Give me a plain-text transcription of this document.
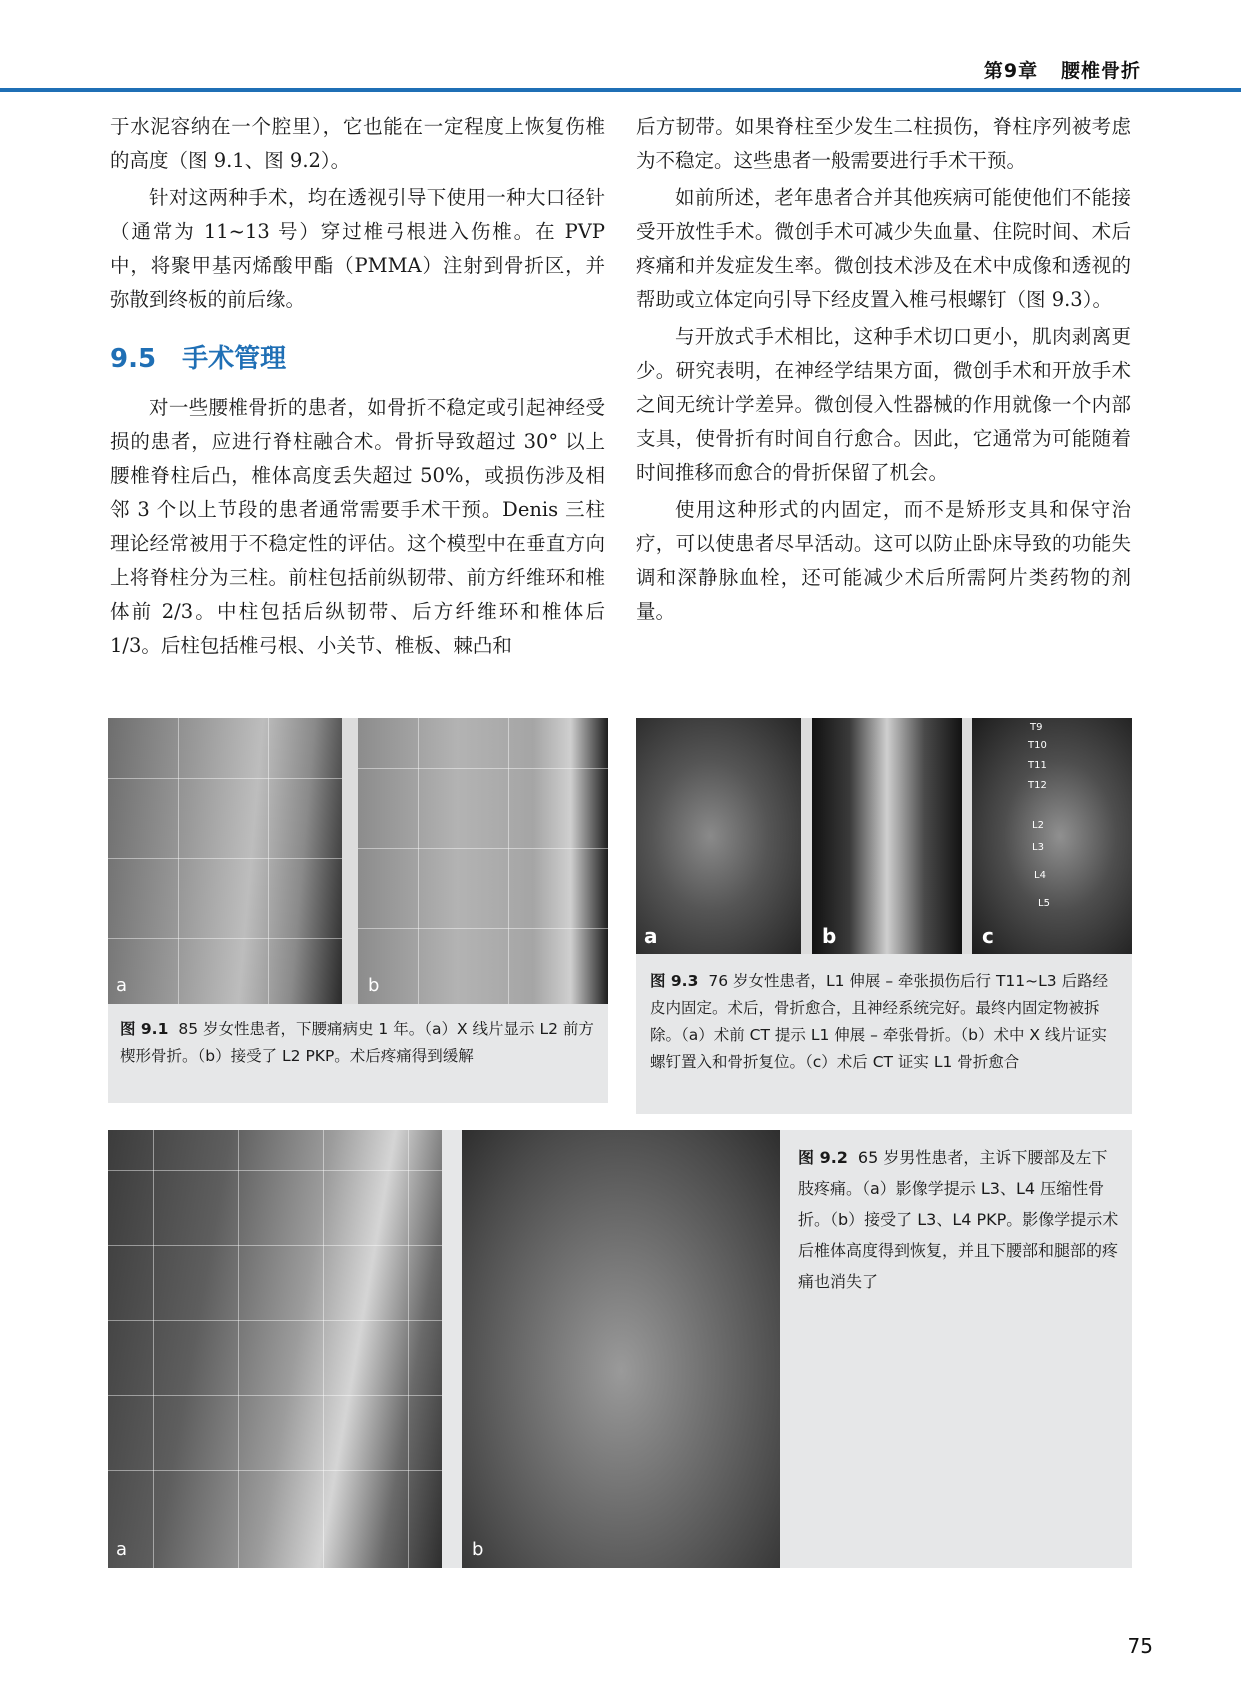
第9章 腰椎骨折

于水泥容纳在一个腔里），它也能在一定程度上恢复伤椎的高度（图 9.1、图 9.2）。

针对这两种手术，均在透视引导下使用一种大口径针（通常为 11~13 号）穿过椎弓根进入伤椎。在 PVP 中，将聚甲基丙烯酸甲酯（PMMA）注射到骨折区，并弥散到终板的前后缘。

9.5 手术管理

对一些腰椎骨折的患者，如骨折不稳定或引起神经受损的患者，应进行脊柱融合术。骨折导致超过 30° 以上腰椎脊柱后凸，椎体高度丢失超过 50%，或损伤涉及相邻 3 个以上节段的患者通常需要手术干预。Denis 三柱理论经常被用于不稳定性的评估。这个模型中在垂直方向上将脊柱分为三柱。前柱包括前纵韧带、前方纤维环和椎体前 2/3。中柱包括后纵韧带、后方纤维环和椎体后 1/3。后柱包括椎弓根、小关节、椎板、棘凸和

后方韧带。如果脊柱至少发生二柱损伤，脊柱序列被考虑为不稳定。这些患者一般需要进行手术干预。

如前所述，老年患者合并其他疾病可能使他们不能接受开放性手术。微创手术可减少失血量、住院时间、术后疼痛和并发症发生率。微创技术涉及在术中成像和透视的帮助或立体定向引导下经皮置入椎弓根螺钉（图 9.3）。

与开放式手术相比，这种手术切口更小，肌肉剥离更少。研究表明，在神经学结果方面，微创手术和开放手术之间无统计学差异。微创侵入性器械的作用就像一个内部支具，使骨折有时间自行愈合。因此，它通常为可能随着时间推移而愈合的骨折保留了机会。

使用这种形式的内固定，而不是矫形支具和保守治疗，可以使患者尽早活动。这可以防止卧床导致的功能失调和深静脉血栓，还可能减少术后所需阿片类药物的剂量。

a	b
图 9.1 85 岁女性患者，下腰痛病史 1 年。（a）X 线片显示 L2 前方楔形骨折。（b）接受了 L2 PKP。术后疼痛得到缓解
a	b
T9
T10
T11
T12
L2
L3
L4
L5
c
图 9.3 76 岁女性患者，L1 伸展 – 牵张损伤后行 T11~L3 后路经皮内固定。术后，骨折愈合，且神经系统完好。最终内固定物被拆除。（a）术前 CT 提示 L1 伸展 – 牵张骨折。（b）术中 X 线片证实螺钉置入和骨折复位。（c）术后 CT 证实 L1 骨折愈合
a	b
图 9.2 65 岁男性患者，主诉下腰部及左下肢疼痛。（a）影像学提示 L3、L4 压缩性骨折。（b）接受了 L3、L4 PKP。影像学提示术后椎体高度得到恢复，并且下腰部和腿部的疼痛也消失了
75
